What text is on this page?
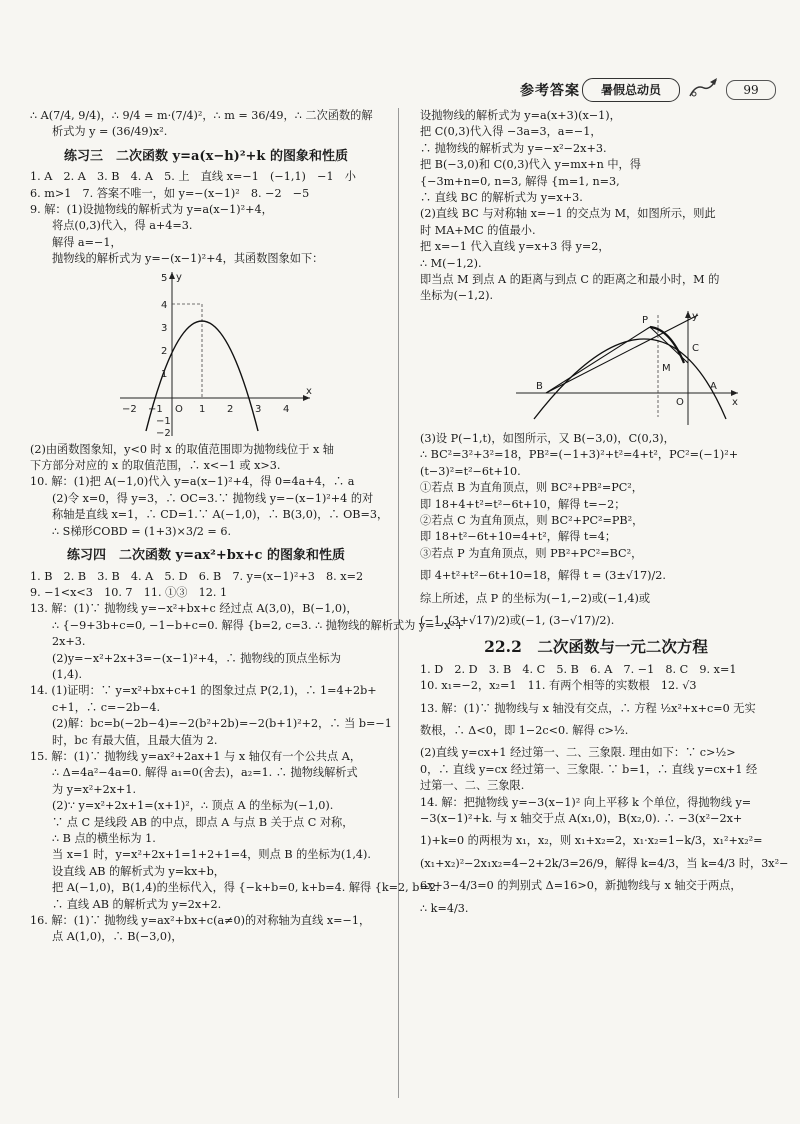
参考答案	暑假总动员	99

∴ A(7/4, 9/4)，∴ 9/4 = m·(7/4)²，∴ m = 36/49，∴ 二次函数的解

析式为 y = (36/49)x².

练习三　二次函数 y=a(x−h)²+k 的图象和性质

1. A　2. A　3. B　4. A　5. 上　直线 x=−1　(−1,1)　−1　小

6. m>1　7. 答案不唯一，如 y=−(x−1)²　8. −2　−5

9. 解：(1)设抛物线的解析式为 y=a(x−1)²+4，

将点(0,3)代入，得 a+4=3.

解得 a=−1，

抛物线的解析式为 y=−(x−1)²+4，其函数图象如下：

x
y
−2 −1 O 1 2 3 4
5
4
3
2
1
−1
−2

(2)由函数图象知，y<0 时 x 的取值范围即为抛物线位于 x 轴

下方部分对应的 x 的取值范围，∴ x<−1 或 x>3.

10. 解：(1)把 A(−1,0)代入 y=a(x−1)²+4，得 0=4a+4，∴ a

(2)令 x=0，得 y=3，∴ OC=3.∵ 抛物线 y=−(x−1)²+4 的对

称轴是直线 x=1，∴ CD=1.∵ A(−1,0)，∴ B(3,0)，∴ OB=3，

∴ S梯形COBD = (1+3)×3/2 = 6.

练习四　二次函数 y=ax²+bx+c 的图象和性质

1. B　2. B　3. B　4. A　5. D　6. B　7. y=(x−1)²+3　8. x=2

9. −1<x<3　10. 7　11. ①③　12. 1

13. 解：(1)∵ 抛物线 y=−x²+bx+c 经过点 A(3,0)，B(−1,0)，

∴ {−9+3b+c=0, −1−b+c=0. 解得 {b=2, c=3. ∴ 抛物线的解析式为 y=−x²+

2x+3.

(2)y=−x²+2x+3=−(x−1)²+4，∴ 抛物线的顶点坐标为

(1,4).

14. (1)证明：∵ y=x²+bx+c+1 的图象过点 P(2,1)，∴ 1=4+2b+

c+1，∴ c=−2b−4.

(2)解：bc=b(−2b−4)=−2(b²+2b)=−2(b+1)²+2，∴ 当 b=−1

时，bc 有最大值，且最大值为 2.

15. 解：(1)∵ 抛物线 y=ax²+2ax+1 与 x 轴仅有一个公共点 A，

∴ Δ=4a²−4a=0. 解得 a₁=0(舍去)，a₂=1. ∴ 抛物线解析式

为 y=x²+2x+1.

(2)∵ y=x²+2x+1=(x+1)²，∴ 顶点 A 的坐标为(−1,0).

∵ 点 C 是线段 AB 的中点，即点 A 与点 B 关于点 C 对称，

∴ B 点的横坐标为 1.

当 x=1 时，y=x²+2x+1=1+2+1=4，则点 B 的坐标为(1,4).

设直线 AB 的解析式为 y=kx+b，

把 A(−1,0)，B(1,4)的坐标代入，得 {−k+b=0, k+b=4. 解得 {k=2, b=2.

∴ 直线 AB 的解析式为 y=2x+2.

16. 解：(1)∵ 抛物线 y=ax²+bx+c(a≠0)的对称轴为直线 x=−1，

点 A(1,0)，∴ B(−3,0)，

设抛物线的解析式为 y=a(x+3)(x−1)，

把 C(0,3)代入得 −3a=3，a=−1，

∴ 抛物线的解析式为 y=−x²−2x+3.

把 B(−3,0)和 C(0,3)代入 y=mx+n 中，得

{−3m+n=0, n=3, 解得 {m=1, n=3,

∴ 直线 BC 的解析式为 y=x+3.

(2)直线 BC 与对称轴 x=−1 的交点为 M，如图所示，则此

时 MA+MC 的值最小.

把 x=−1 代入直线 y=x+3 得 y=2，

∴ M(−1,2).

即当点 M 到点 A 的距离与到点 C 的距离之和最小时，M 的

坐标为(−1,2).

P
C
M
B
O
A
x
y

(3)设 P(−1,t)，如图所示，又 B(−3,0)，C(0,3)，

∴ BC²=3²+3²=18，PB²=(−1+3)²+t²=4+t²，PC²=(−1)²+

(t−3)²=t²−6t+10.

①若点 B 为直角顶点，则 BC²+PB²=PC²，

即 18+4+t²=t²−6t+10，解得 t=−2；

②若点 C 为直角顶点，则 BC²+PC²=PB²，

即 18+t²−6t+10=4+t²，解得 t=4；

③若点 P 为直角顶点，则 PB²+PC²=BC²，

即 4+t²+t²−6t+10=18，解得 t = (3±√17)/2.

综上所述，点 P 的坐标为(−1,−2)或(−1,4)或

(−1, (3+√17)/2)或(−1, (3−√17)/2).

22.2　二次函数与一元二次方程

1. D　2. D　3. B　4. C　5. B　6. A　7. −1　8. C　9. x=1

10. x₁=−2，x₂=1　11. 有两个相等的实数根　12. √3

13. 解：(1)∵ 抛物线与 x 轴没有交点，∴ 方程 ½x²+x+c=0 无实

数根，∴ Δ<0，即 1−2c<0. 解得 c>½.

(2)直线 y=cx+1 经过第一、二、三象限. 理由如下：∵ c>½>

0，∴ 直线 y=cx 经过第一、三象限. ∵ b=1，∴ 直线 y=cx+1 经

过第一、二、三象限.

14. 解：把抛物线 y=−3(x−1)² 向上平移 k 个单位，得抛物线 y=

−3(x−1)²+k. 与 x 轴交于点 A(x₁,0)，B(x₂,0). ∴ −3(x²−2x+

1)+k=0 的两根为 x₁，x₂，则 x₁+x₂=2，x₁·x₂=1−k/3，x₁²+x₂²=

(x₁+x₂)²−2x₁x₂=4−2+2k/3=26/9，解得 k=4/3，当 k=4/3 时，3x²−

6x+3−4/3=0 的判别式 Δ=16>0，新抛物线与 x 轴交于两点，

∴ k=4/3.
